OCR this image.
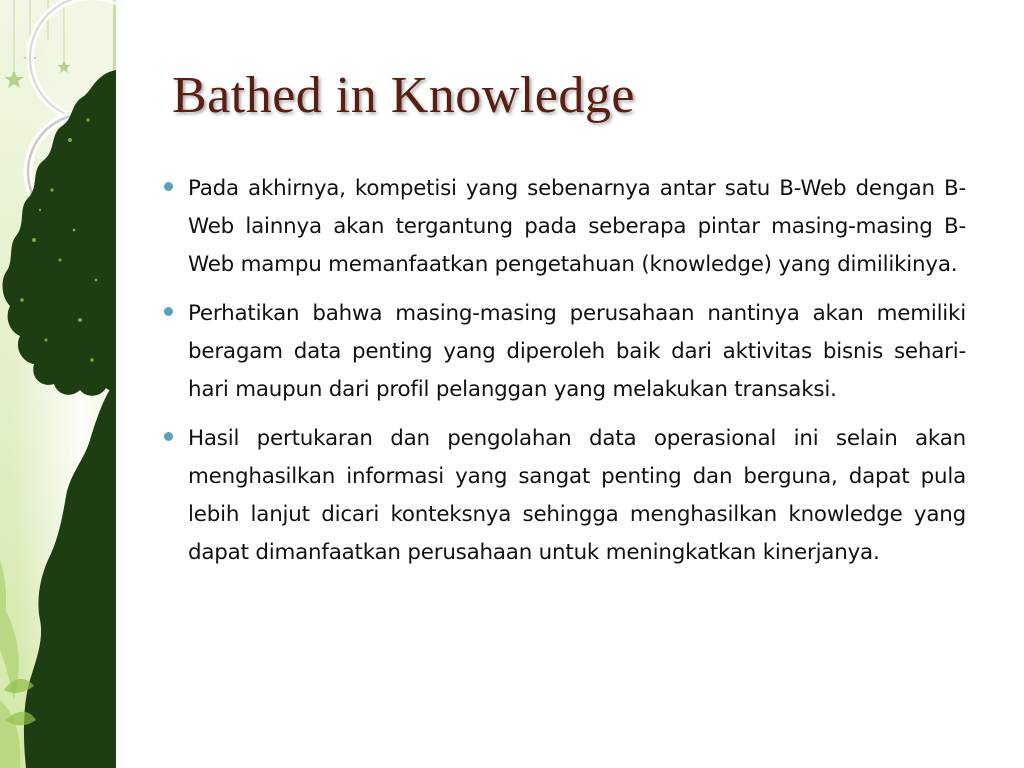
Bathed in Knowledge
Pada akhirnya, kompetisi yang sebenarnya antar satu B-Web dengan B-Web lainnya akan tergantung pada seberapa pintar masing-masing B-Web mampu memanfaatkan pengetahuan (knowledge) yang dimilikinya.
Perhatikan bahwa masing-masing perusahaan nantinya akan memiliki beragam data penting yang diperoleh baik dari aktivitas bisnis sehari-hari maupun dari profil pelanggan yang melakukan transaksi.
Hasil pertukaran dan pengolahan data operasional ini selain akan menghasilkan informasi yang sangat penting dan berguna, dapat pula lebih lanjut dicari konteksnya sehingga menghasilkan knowledge yang dapat dimanfaatkan perusahaan untuk meningkatkan kinerjanya.
